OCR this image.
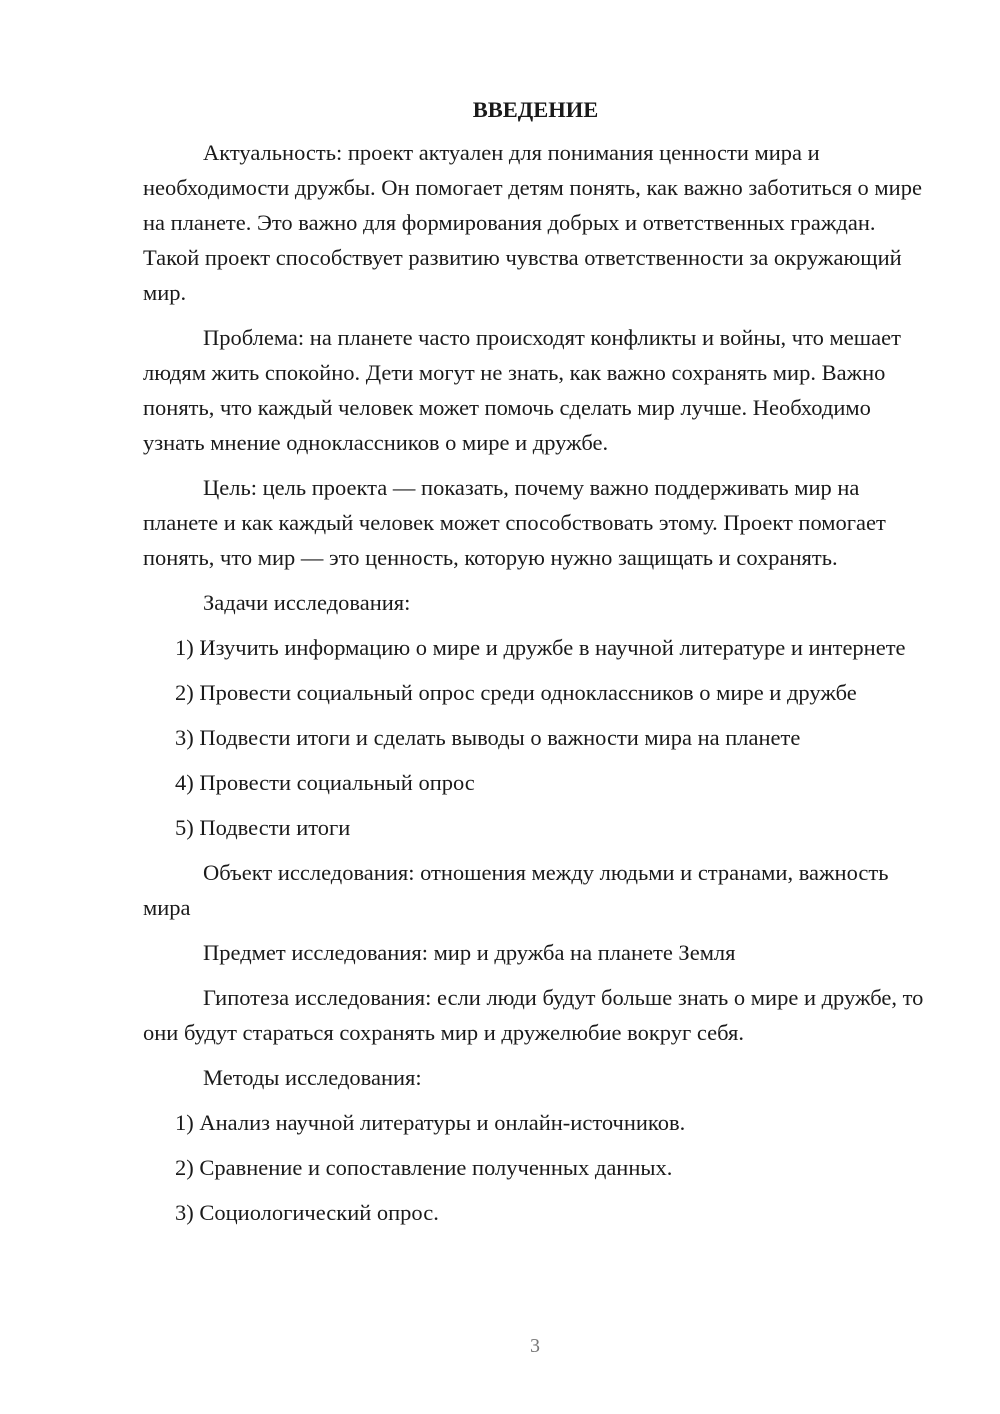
ВВЕДЕНИЕ

Актуальность: проект актуален для понимания ценности мира и необходимости дружбы. Он помогает детям понять, как важно заботиться о мире на планете. Это важно для формирования добрых и ответственных граждан. Такой проект способствует развитию чувства ответственности за окружающий мир.

Проблема: на планете часто происходят конфликты и войны, что мешает людям жить спокойно. Дети могут не знать, как важно сохранять мир. Важно понять, что каждый человек может помочь сделать мир лучше. Необходимо узнать мнение одноклассников о мире и дружбе.

Цель: цель проекта — показать, почему важно поддерживать мир на планете и как каждый человек может способствовать этому. Проект помогает понять, что мир — это ценность, которую нужно защищать и сохранять.

Задачи исследования:

1) Изучить информацию о мире и дружбе в научной литературе и интернете

2) Провести социальный опрос среди одноклассников о мире и дружбе

3) Подвести итоги и сделать выводы о важности мира на планете

4) Провести социальный опрос

5) Подвести итоги

Объект исследования: отношения между людьми и странами, важность мира

Предмет исследования: мир и дружба на планете Земля

Гипотеза исследования: если люди будут больше знать о мире и дружбе, то они будут стараться сохранять мир и дружелюбие вокруг себя.

Методы исследования:

1) Анализ научной литературы и онлайн-источников.

2) Сравнение и сопоставление полученных данных.

3) Социологический опрос.

3
